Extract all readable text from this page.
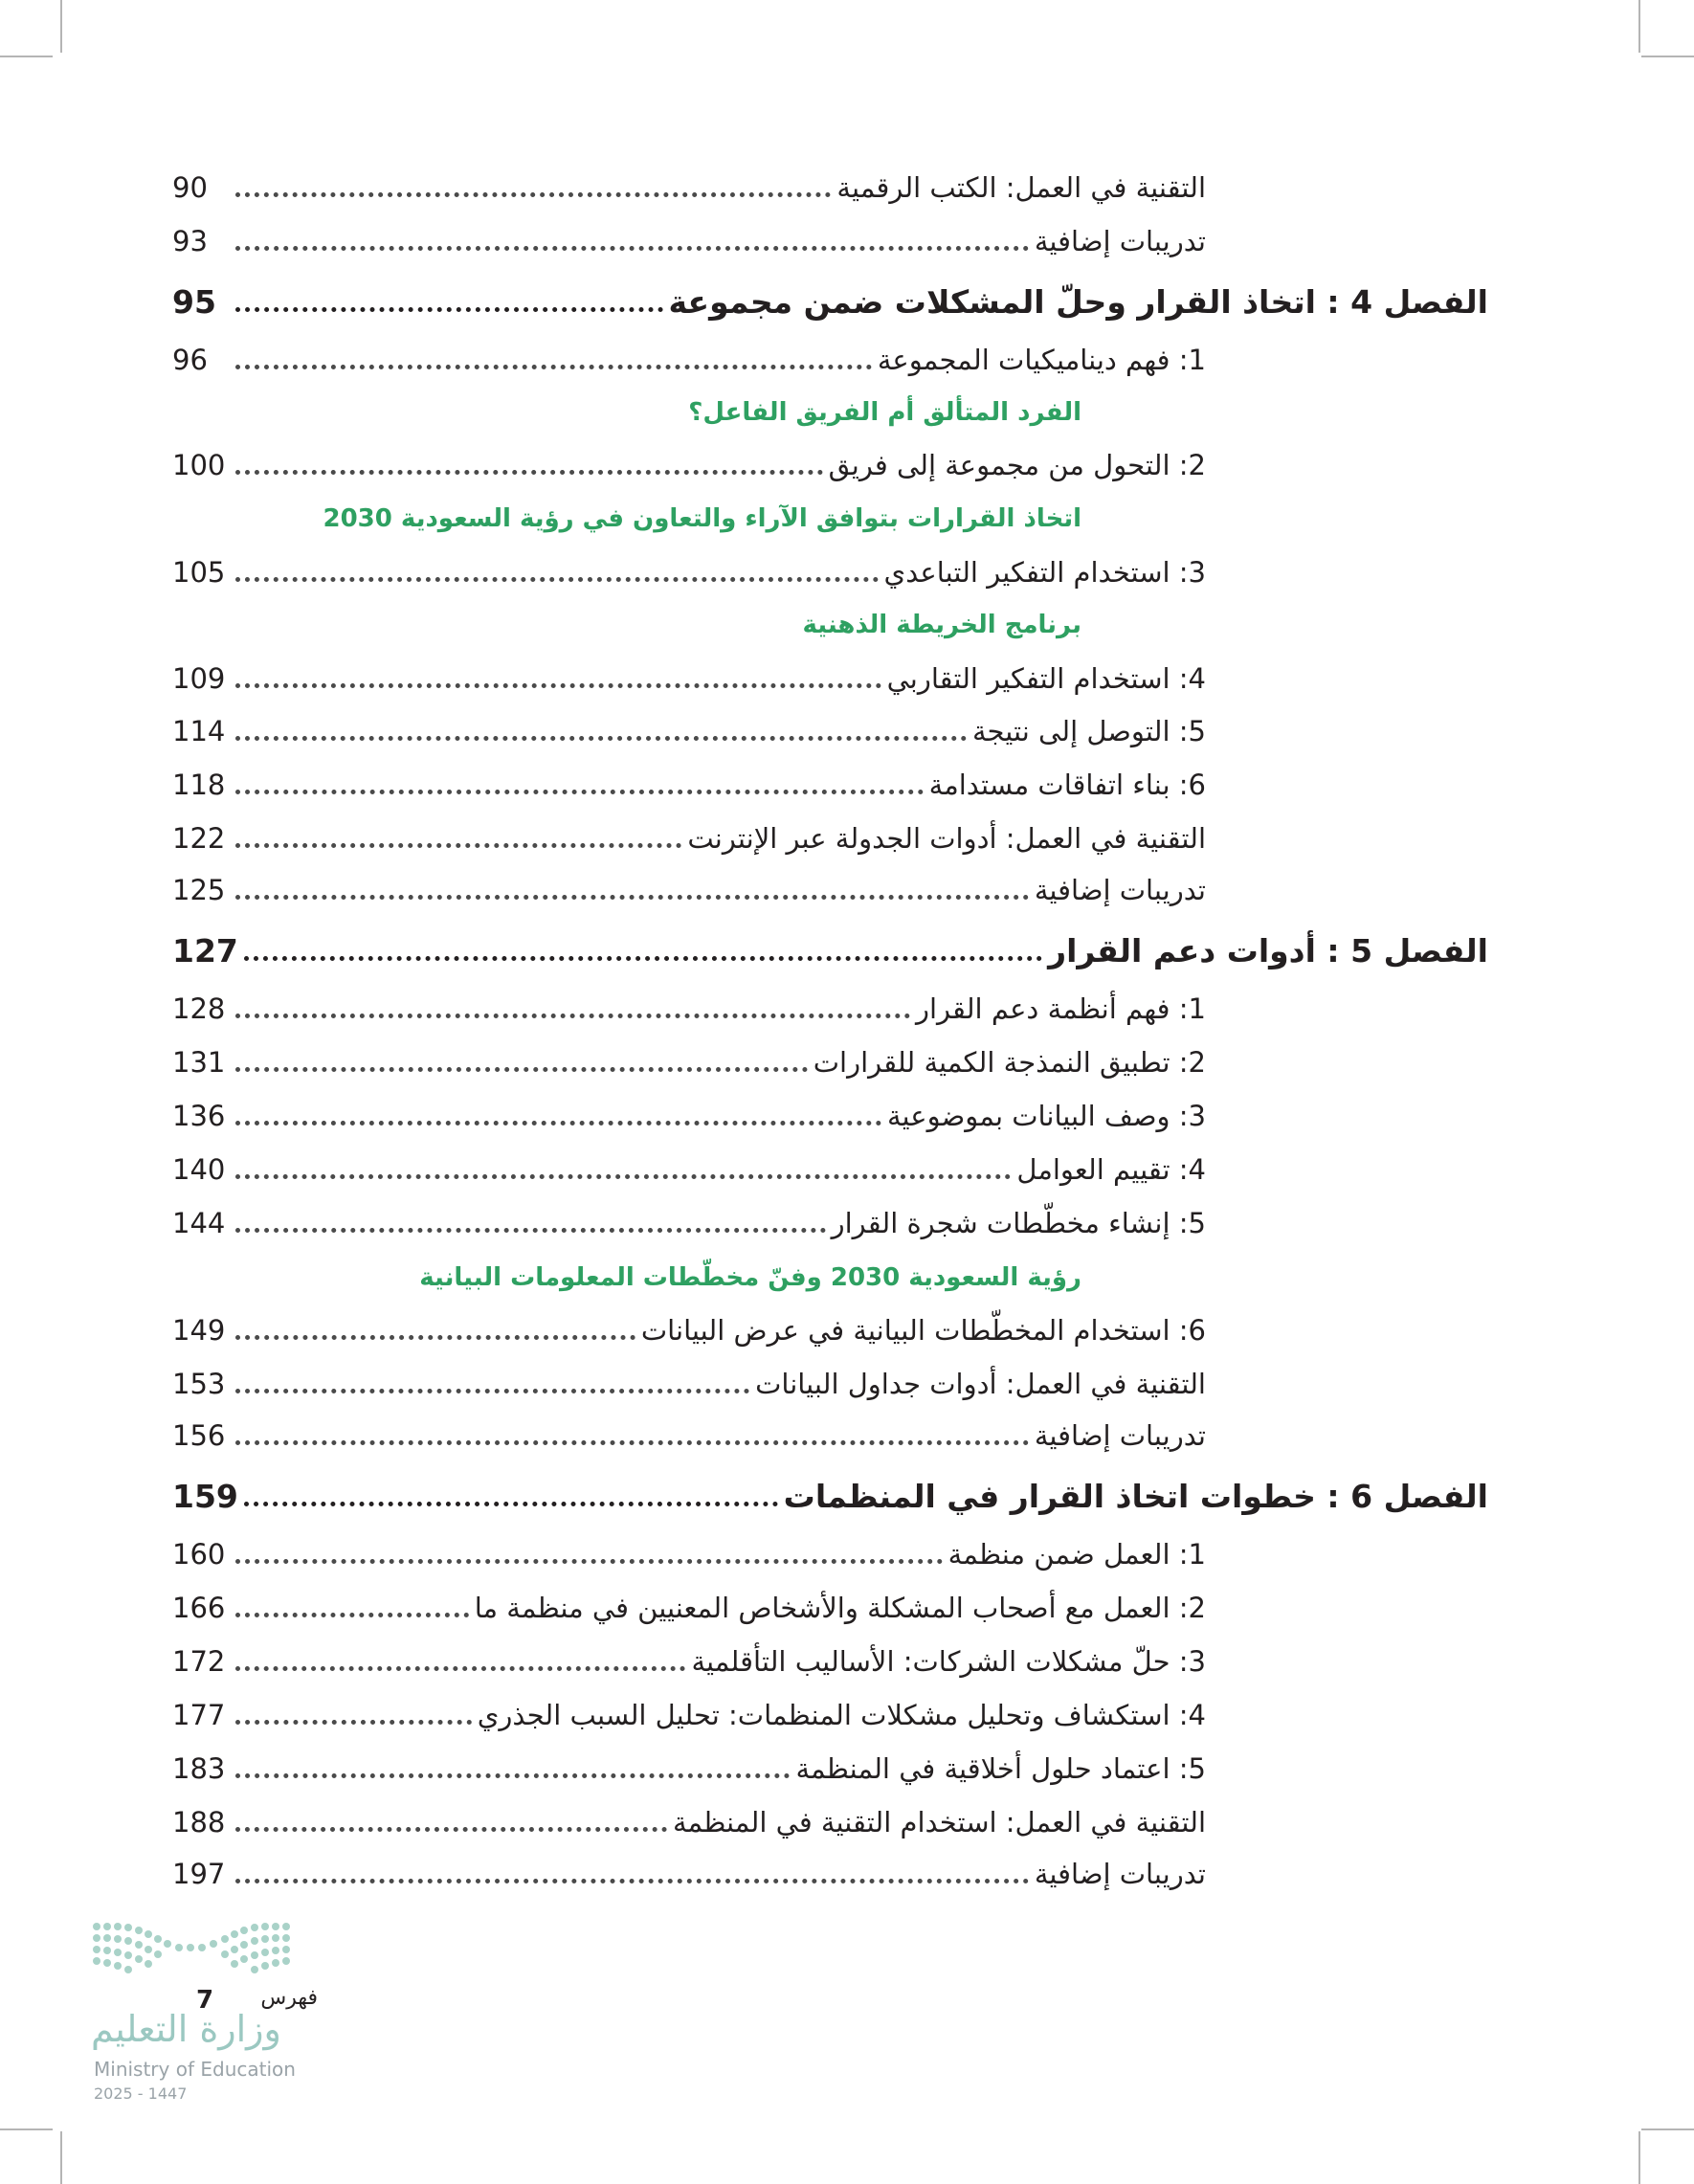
التقنية في العمل: الكتب الرقمية
90
تدريبات إضافية
93
الفصل 4 : اتخاذ القرار وحلّ المشكلات ضمن مجموعة
95
1: فهم ديناميكيات المجموعة
96
الفرد المتألق أم الفريق الفاعل؟
2: التحول من مجموعة إلى فريق
100
اتخاذ القرارات بتوافق الآراء والتعاون في رؤية السعودية 2030
3: استخدام التفكير التباعدي
105
برنامج الخريطة الذهنية
4: استخدام التفكير التقاربي
109
5: التوصل إلى نتيجة
114
6: بناء اتفاقات مستدامة
118
التقنية في العمل: أدوات الجدولة عبر الإنترنت
122
تدريبات إضافية
125
الفصل 5 : أدوات دعم القرار
127
1: فهم أنظمة دعم القرار
128
2: تطبيق النمذجة الكمية للقرارات
131
3: وصف البيانات بموضوعية
136
4: تقييم العوامل
140
5: إنشاء مخطّطات شجرة القرار
144
رؤية السعودية 2030 وفنّ مخطّطات المعلومات البيانية
6: استخدام المخطّطات البيانية في عرض البيانات
149
التقنية في العمل: أدوات جداول البيانات
153
تدريبات إضافية
156
الفصل 6 : خطوات اتخاذ القرار في المنظمات
159
1: العمل ضمن منظمة
160
2: العمل مع أصحاب المشكلة والأشخاص المعنيين في منظمة ما
166
3: حلّ مشكلات الشركات: الأساليب التأقلمية
172
4: استكشاف وتحليل مشكلات المنظمات: تحليل السبب الجذري
177
5: اعتماد حلول أخلاقية في المنظمة
183
التقنية في العمل: استخدام التقنية في المنظمة
188
تدريبات إضافية
197
فهرس
7
وزارة التعليم
Ministry of Education
2025 - 1447
